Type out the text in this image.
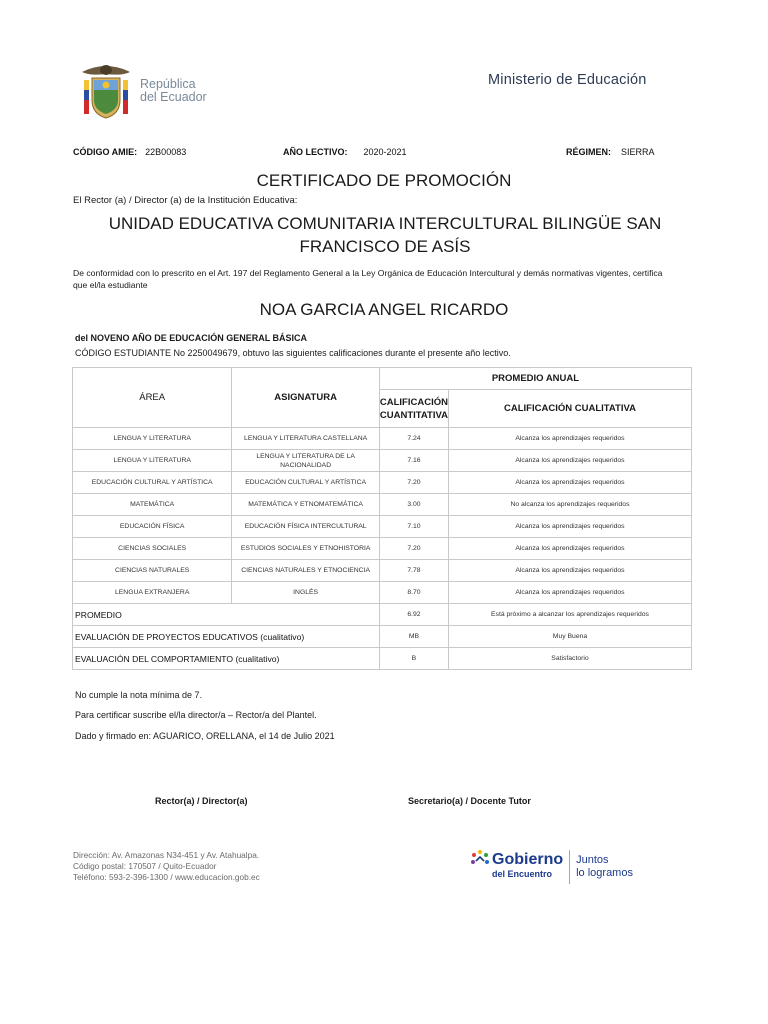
República
del Ecuador
Ministerio de Educación
CÓDIGO AMIE: 22B00083	AÑO LECTIVO: 2020-2021	RÉGIMEN: SIERRA
CERTIFICADO DE PROMOCIÓN
El Rector (a) / Director (a) de la Institución Educativa:
UNIDAD EDUCATIVA COMUNITARIA INTERCULTURAL BILINGÜE SAN FRANCISCO DE ASÍS
De conformidad con lo prescrito en el Art. 197 del Reglamento General a la Ley Orgánica de Educación Intercultural y demás normativas vigentes, certifica que el/la estudiante
NOA GARCIA ANGEL RICARDO
del NOVENO AÑO DE EDUCACIÓN GENERAL BÁSICA
CÓDIGO ESTUDIANTE No 2250049679, obtuvo las siguientes calificaciones durante el presente año lectivo.
ÁREA	ASIGNATURA	PROMEDIO ANUAL	
		CALIFICACIÓN CUANTITATIVA	CALIFICACIÓN CUALITATIVA
LENGUA Y LITERATURA	LENGUA Y LITERATURA CASTELLANA	7.24	Alcanza los aprendizajes requeridos
LENGUA Y LITERATURA	LENGUA Y LITERATURA DE LA NACIONALIDAD	7.16	Alcanza los aprendizajes requeridos
EDUCACIÓN CULTURAL Y ARTÍSTICA	EDUCACIÓN CULTURAL Y ARTÍSTICA	7.20	Alcanza los aprendizajes requeridos
MATEMÁTICA	MATEMÁTICA Y ETNOMATEMÁTICA	3.00	No alcanza los aprendizajes requeridos
EDUCACIÓN FÍSICA	EDUCACIÓN FÍSICA INTERCULTURAL	7.10	Alcanza los aprendizajes requeridos
CIENCIAS SOCIALES	ESTUDIOS SOCIALES Y ETNOHISTORIA	7.20	Alcanza los aprendizajes requeridos
CIENCIAS NATURALES	CIENCIAS NATURALES Y ETNOCIENCIA	7.78	Alcanza los aprendizajes requeridos
LENGUA EXTRANJERA	INGLÉS	8.70	Alcanza los aprendizajes requeridos
PROMEDIO		6.92	Está próximo a alcanzar los aprendizajes requeridos
EVALUACIÓN DE PROYECTOS EDUCATIVOS (cualitativo)		MB	Muy Buena
EVALUACIÓN DEL COMPORTAMIENTO (cualitativo)		B	Satisfactorio
No cumple la nota mínima de 7.
Para certificar suscribe el/la director/a – Rector/a del Plantel.
Dado y firmado en: AGUARICO, ORELLANA, el 14 de Julio 2021
Rector(a) / Director(a)	Secretario(a) / Docente Tutor
Dirección: Av. Amazonas N34-451 y Av. Atahualpa.
Código postal: 170507 / Quito-Ecuador
Teléfono: 593-2-396-1300 / www.educacion.gob.ec
Gobierno
del Encuentro
Juntos
lo logramos
